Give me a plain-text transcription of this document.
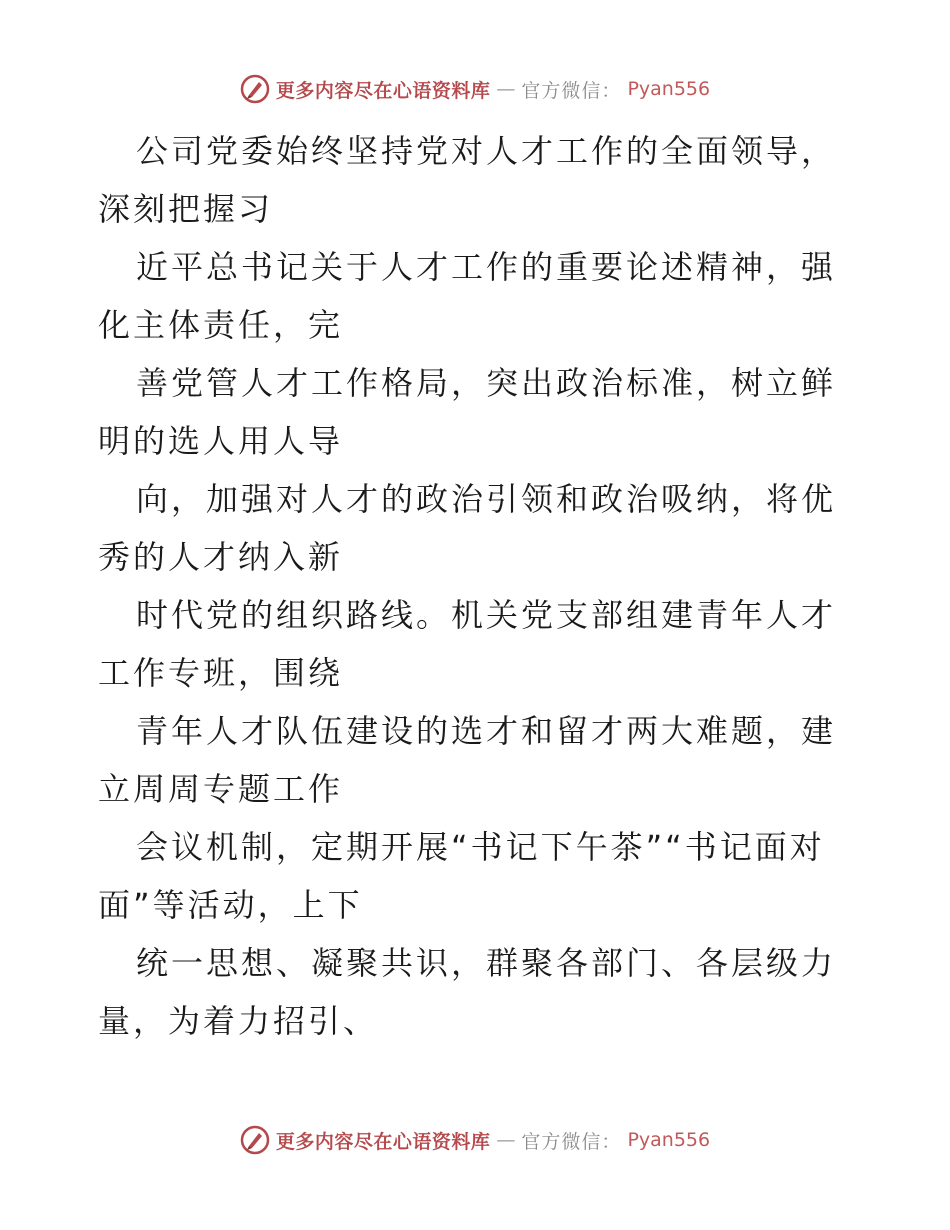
更多内容尽在心语资料库 — 官方微信： Pyan556

公司党委始终坚持党对人才工作的全面领导，深刻把握习

近平总书记关于人才工作的重要论述精神，强化主体责任，完

善党管人才工作格局，突出政治标准，树立鲜明的选人用人导

向，加强对人才的政治引领和政治吸纳，将优秀的人才纳入新

时代党的组织路线。机关党支部组建青年人才工作专班，围绕

青年人才队伍建设的选才和留才两大难题，建立周周专题工作

会议机制，定期开展“书记下午茶”“书记面对面”等活动，上下

统一思想、凝聚共识，群聚各部门、各层级力量，为着力招引、

更多内容尽在心语资料库 — 官方微信： Pyan556
